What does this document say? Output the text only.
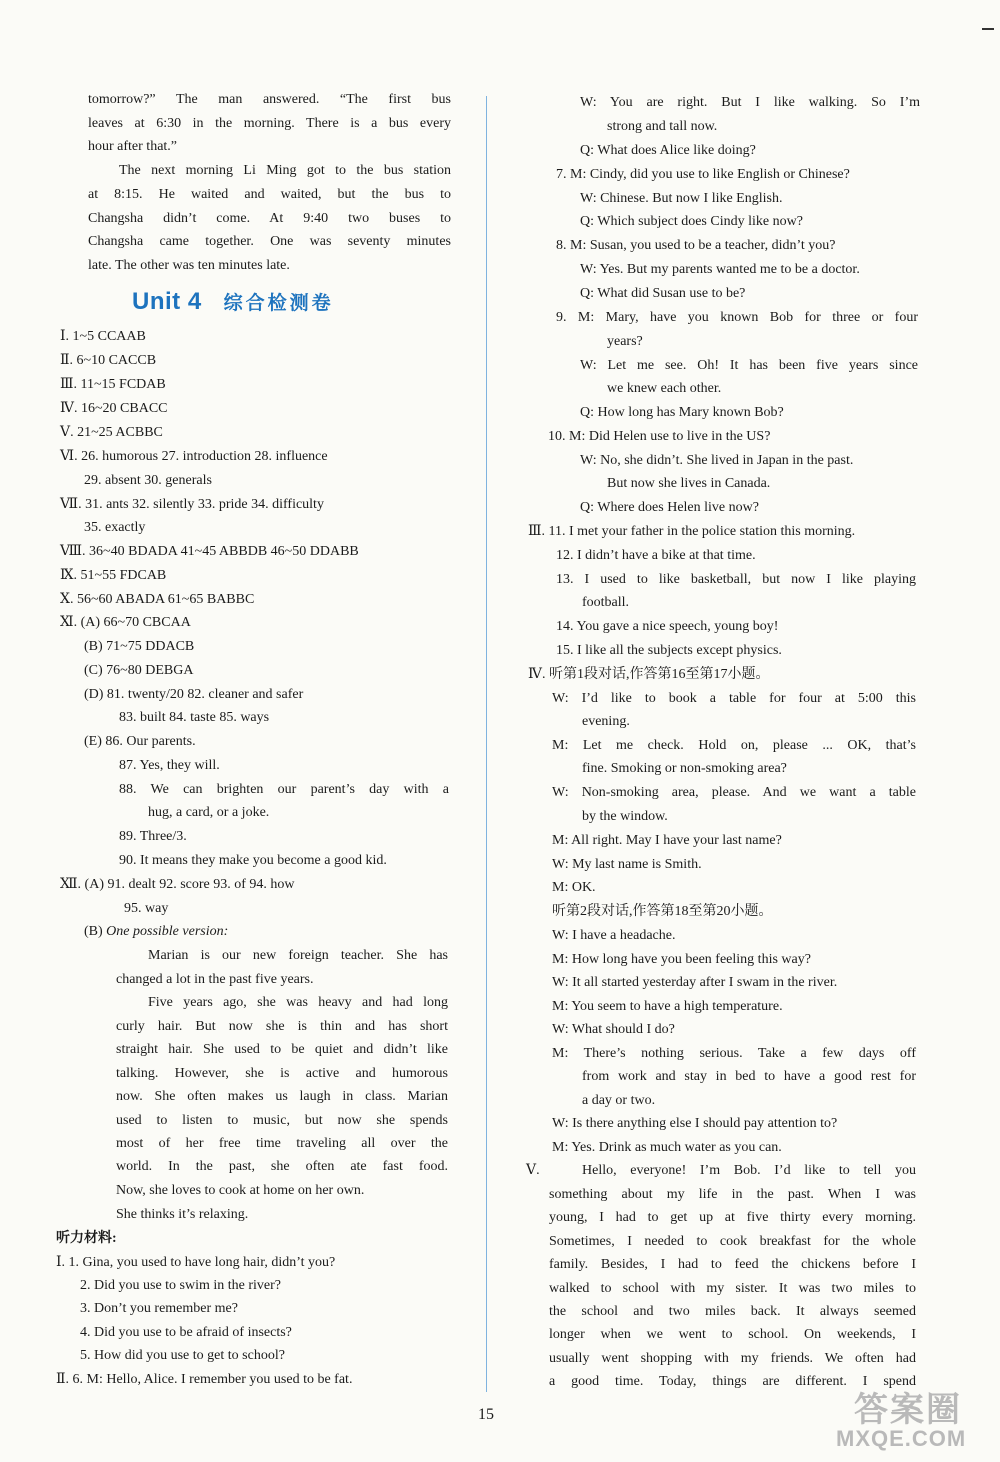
tomorrow?” The man answered. “The first bus
leaves at 6:30 in the morning. There is a bus every
hour after that.”
The next morning Li Ming got to the bus station
at 8:15. He waited and waited, but the bus to
Changsha didn’t come. At 9:40 two buses to
Changsha came together. One was seventy minutes
late. The other was ten minutes late.
Unit 4 综合检测卷
Ⅰ. 1~5 CCAAB
Ⅱ. 6~10 CACCB
Ⅲ. 11~15 FCDAB
Ⅳ. 16~20 CBACC
Ⅴ. 21~25 ACBBC
Ⅵ. 26. humorous 27. introduction 28. influence
29. absent 30. generals
Ⅶ. 31. ants 32. silently 33. pride 34. difficulty
35. exactly
Ⅷ. 36~40 BDADA 41~45 ABBDB 46~50 DDABB
Ⅸ. 51~55 FDCAB
Ⅹ. 56~60 ABADA 61~65 BABBC
Ⅺ. (A) 66~70 CBCAA
(B) 71~75 DDACB
(C) 76~80 DEBGA
(D) 81. twenty/20 82. cleaner and safer
83. built 84. taste 85. ways
(E) 86. Our parents.
87. Yes, they will.
88. We can brighten our parent’s day with a
hug, a card, or a joke.
89. Three/3.
90. It means they make you become a good kid.
Ⅻ. (A) 91. dealt 92. score 93. of 94. how
95. way
(B) One possible version:
Marian is our new foreign teacher. She has
changed a lot in the past five years.
Five years ago, she was heavy and had long
curly hair. But now she is thin and has short
straight hair. She used to be quiet and didn’t like
talking. However, she is active and humorous
now. She often makes us laugh in class. Marian
used to listen to music, but now she spends
most of her free time traveling all over the
world. In the past, she often ate fast food.
Now, she loves to cook at home on her own.
She thinks it’s relaxing.
听力材料:
Ⅰ. 1. Gina, you used to have long hair, didn’t you?
2. Did you use to swim in the river?
3. Don’t you remember me?
4. Did you use to be afraid of insects?
5. How did you use to get to school?
Ⅱ. 6. M: Hello, Alice. I remember you used to be fat.
W: You are right. But I like walking. So I’m
strong and tall now.
Q: What does Alice like doing?
7. M: Cindy, did you use to like English or Chinese?
W: Chinese. But now I like English.
Q: Which subject does Cindy like now?
8. M: Susan, you used to be a teacher, didn’t you?
W: Yes. But my parents wanted me to be a doctor.
Q: What did Susan use to be?
9. M: Mary, have you known Bob for three or four
years?
W: Let me see. Oh! It has been five years since
we knew each other.
Q: How long has Mary known Bob?
10. M: Did Helen use to live in the US?
W: No, she didn’t. She lived in Japan in the past.
But now she lives in Canada.
Q: Where does Helen live now?
Ⅲ. 11. I met your father in the police station this morning.
12. I didn’t have a bike at that time.
13. I used to like basketball, but now I like playing
football.
14. You gave a nice speech, young boy!
15. I like all the subjects except physics.
Ⅳ. 听第1段对话,作答第16至第17小题。
W: I’d like to book a table for four at 5:00 this
evening.
M: Let me check. Hold on, please ... OK, that’s
fine. Smoking or non-smoking area?
W: Non-smoking area, please. And we want a table
by the window.
M: All right. May I have your last name?
W: My last name is Smith.
M: OK.
听第2段对话,作答第18至第20小题。
W: I have a headache.
M: How long have you been feeling this way?
W: It all started yesterday after I swam in the river.
M: You seem to have a high temperature.
W: What should I do?
M: There’s nothing serious. Take a few days off
from work and stay in bed to have a good rest for
a day or two.
W: Is there anything else I should pay attention to?
M: Yes. Drink as much water as you can.
Ⅴ.	Hello, everyone! I’m Bob. I’d like to tell you
something about my life in the past. When I was
young, I had to get up at five thirty every morning.
Sometimes, I needed to cook breakfast for the whole
family. Besides, I had to feed the chickens before I
walked to school with my sister. It was two miles to
the school and two miles back. It always seemed
longer when we went to school. On weekends, I
usually went shopping with my friends. We often had
a good time. Today, things are different. I spend
15	答案圈
MXQE.COM
